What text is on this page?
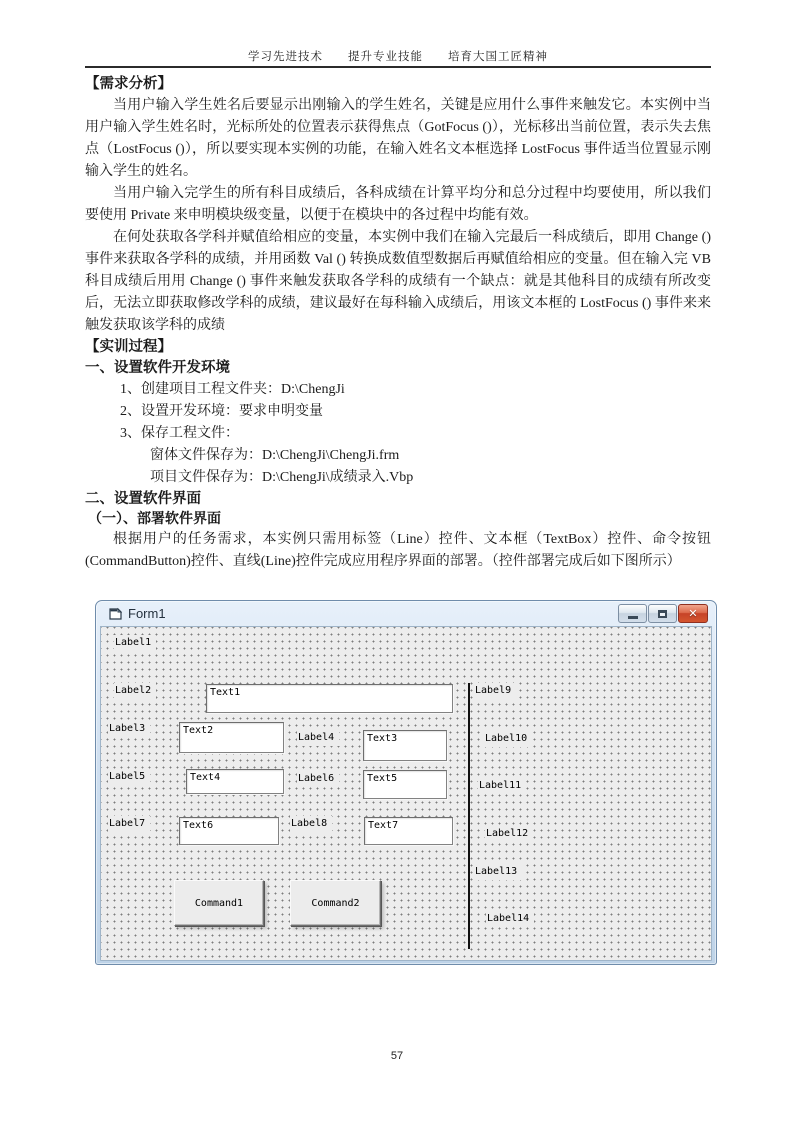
学习先进技术　　提升专业技能　　培育大国工匠精神
【需求分析】

当用户输入学生姓名后要显示出刚输入的学生姓名，关键是应用什么事件来触发它。本实例中当用户输入学生姓名时，光标所处的位置表示获得焦点（GotFocus ()），光标移出当前位置，表示失去焦点（LostFocus ()），所以要实现本实例的功能，在输入姓名文本框选择 LostFocus 事件适当位置显示刚输入学生的姓名。

当用户输入完学生的所有科目成绩后，各科成绩在计算平均分和总分过程中均要使用，所以我们要使用 Private 来申明模块级变量，以便于在模块中的各过程中均能有效。

在何处获取各学科并赋值给相应的变量，本实例中我们在输入完最后一科成绩后，即用 Change () 事件来获取各学科的成绩，并用函数 Val () 转换成数值型数据后再赋值给相应的变量。但在输入完 VB 科目成绩后用用 Change () 事件来触发获取各学科的成绩有一个缺点：就是其他科目的成绩有所改变后，无法立即获取修改学科的成绩，建议最好在每科输入成绩后，用该文本框的 LostFocus () 事件来来触发获取该学科的成绩

【实训过程】
一、设置软件开发环境
1、创建项目工程文件夹：D:\ChengJi
2、设置开发环境：要求申明变量
3、保存工程文件：
窗体文件保存为：D:\ChengJi\ChengJi.frm
项目文件保存为：D:\ChengJi\成绩录入.Vbp
二、设置软件界面
（一）、部署软件界面

根据用户的任务需求，本实例只需用标签（Line）控件、文本框（TextBox）控件、命令按钮(CommandButton)控件、直线(Line)控件完成应用程序界面的部署。（控件部署完成后如下图所示）

Form1	✕
Label1
Label2
Label3
Label4
Label5	Label6
Label7	Label8
Label9
Label10
Label11
Label12
Label13
Label14
Text1
Text2
Text3
Text4	Text5
Text6	Text7
Command1	Command2
57
